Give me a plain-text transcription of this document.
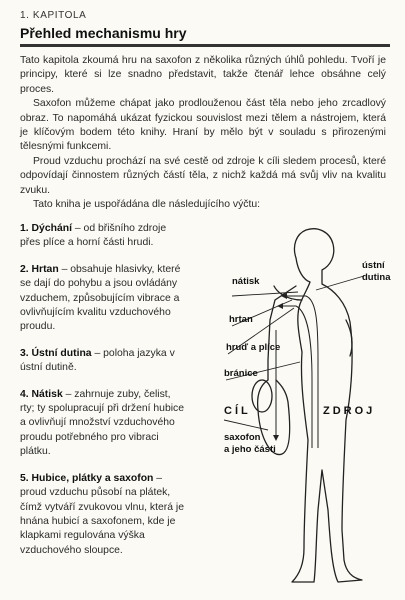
1. KAPITOLA
Přehled mechanismu hry

Tato kapitola zkoumá hru na saxofon z několika různých úhlů pohledu. Tvoří je principy, které si lze snadno představit, takže čtenář lehce obsáhne celý proces.

Saxofon můžeme chápat jako prodlouženou část těla nebo jeho zrcadlový obraz. To napomáhá ukázat fyzickou souvislost mezi tělem a nástrojem, která je klíčovým bodem této knihy. Hraní by mělo být v souladu s přirozenými tělesnými funkcemi.

Proud vzduchu prochází na své cestě od zdroje k cíli sledem procesů, které odpovídají činnostem různých částí těla, z nichž každá má svůj vliv na kvalitu zvuku.

Tato kniha je uspořádána dle následujícího výčtu:

1. Dýchání – od břišního zdroje přes plíce a horní části hrudi.

2. Hrtan – obsahuje hlasivky, které se dají do pohybu a jsou ovládány vzduchem, způsobujícím vibrace a ovlivňujícím kvalitu vzduchového proudu.

3. Ústní dutina – poloha jazyka v ústní dutině.

4. Nátisk – zahrnuje zuby, čelist, rty; ty spolupracují při držení hubice a ovlivňují množství vzduchového proudu potřebného pro vibraci plátku.

5. Hubice, plátky a saxofon – proud vzduchu působí na plátek, čímž vytváří zvukovou vlnu, která je hnána hubicí a saxofonem, kde je klapkami regulována výška vzduchového sloupce.

nátisk
ústní
dutina
hrtan
hruď a plíce
bránice
CÍL	ZDROJ
saxofon
a jeho části
